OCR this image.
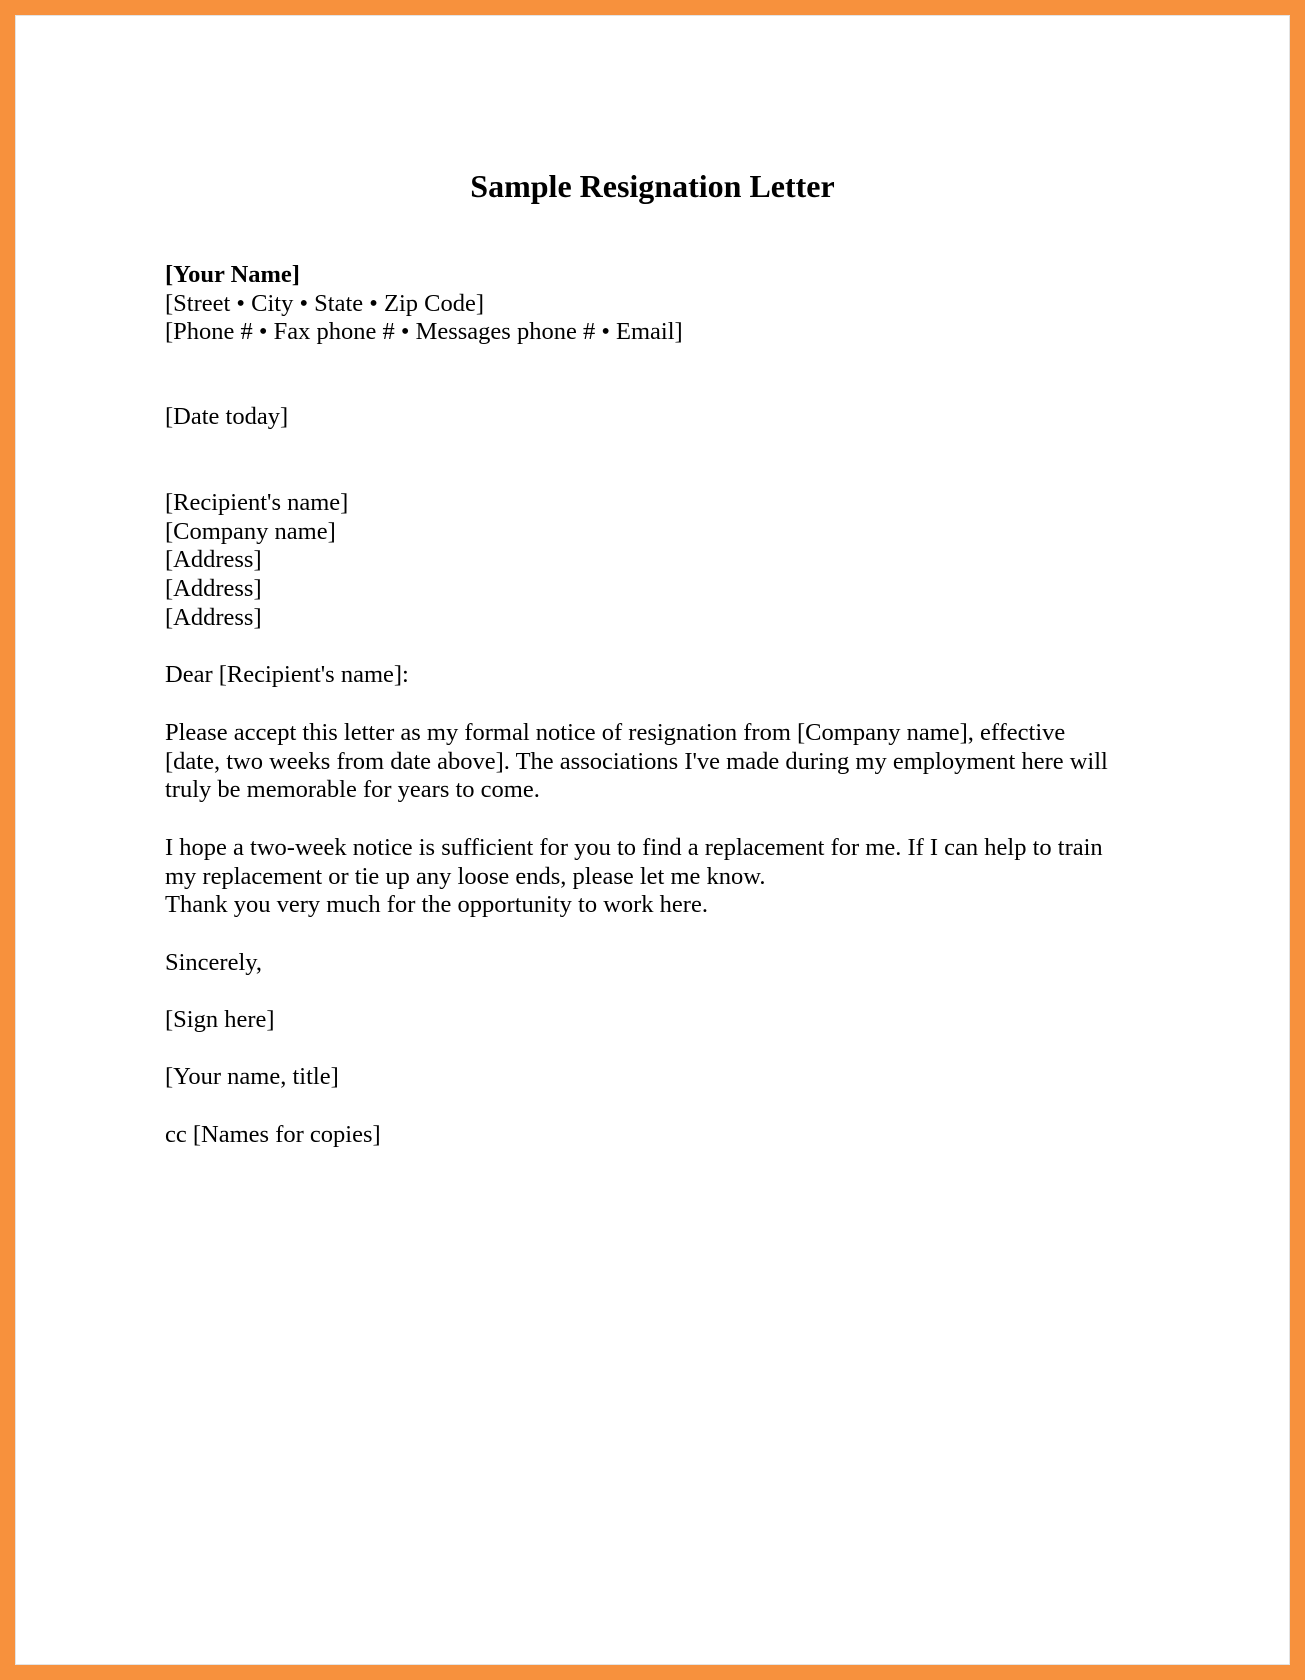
Sample Resignation Letter
[Your Name]
[Street • City • State • Zip Code]
[Phone # • Fax phone # • Messages phone # • Email]
[Date today]
[Recipient's name]
[Company name]
[Address]
[Address]
[Address]
Dear [Recipient's name]:
Please accept this letter as my formal notice of resignation from [Company name], effective
[date, two weeks from date above]. The associations I've made during my employment here will
truly be memorable for years to come.
I hope a two-week notice is sufficient for you to find a replacement for me. If I can help to train
my replacement or tie up any loose ends, please let me know.
Thank you very much for the opportunity to work here.
Sincerely,
[Sign here]
[Your name, title]
cc [Names for copies]
